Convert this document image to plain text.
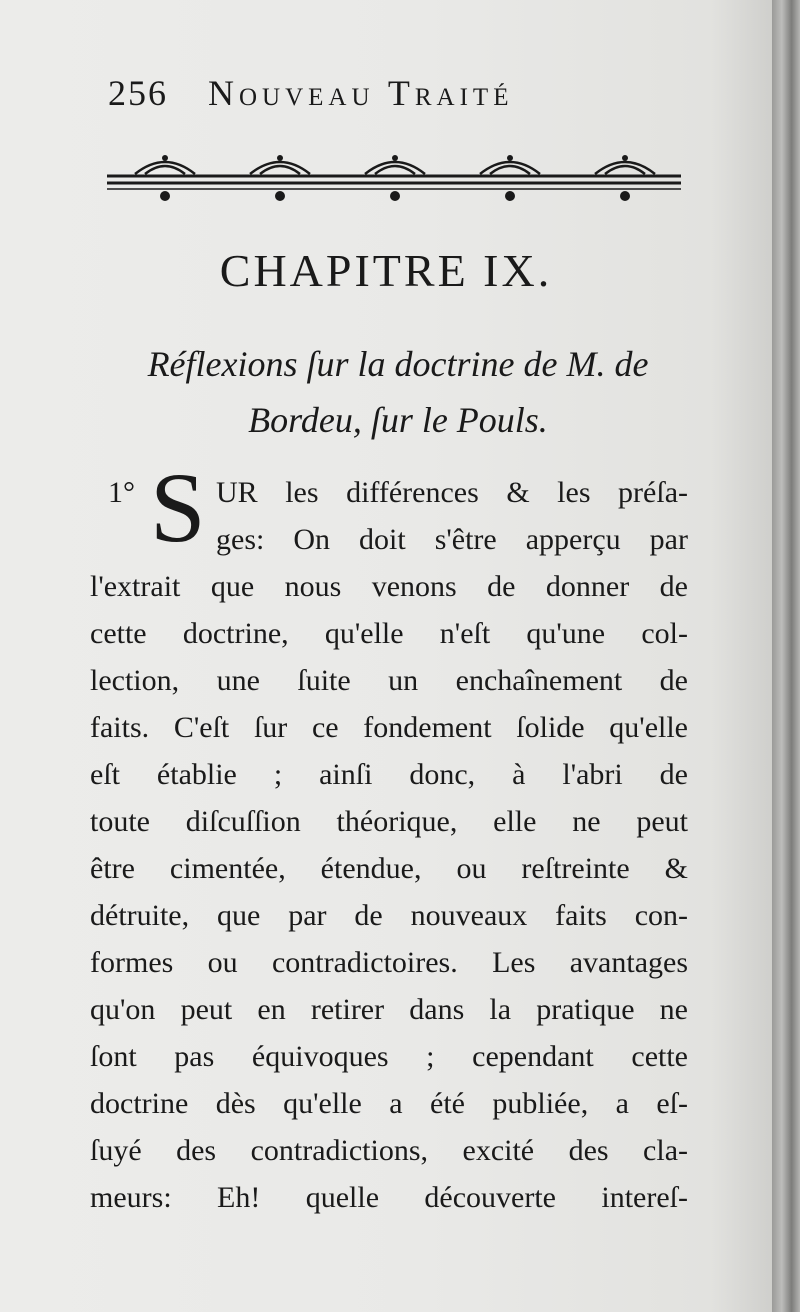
256 Nouveau Traité
CHAPITRE IX.
Réflexions ſur la doctrine de M. de
Bordeu, ſur le Pouls.
1° S UR les différences & les préſa-

ges: On doit s'être apperçu par

l'extrait que nous venons de donner de

cette doctrine, qu'elle n'eſt qu'une col-

lection, une ſuite un enchaînement de

faits. C'eſt ſur ce fondement ſolide qu'elle

eſt établie ; ainſi donc, à l'abri de

toute diſcuſſion théorique, elle ne peut

être cimentée, étendue, ou reſtreinte &

détruite, que par de nouveaux faits con-

formes ou contradictoires. Les avantages

qu'on peut en retirer dans la pratique ne

ſont pas équivoques ; cependant cette

doctrine dès qu'elle a été publiée, a eſ-

ſuyé des contradictions, excité des cla-

meurs: Eh! quelle découverte intereſ-
